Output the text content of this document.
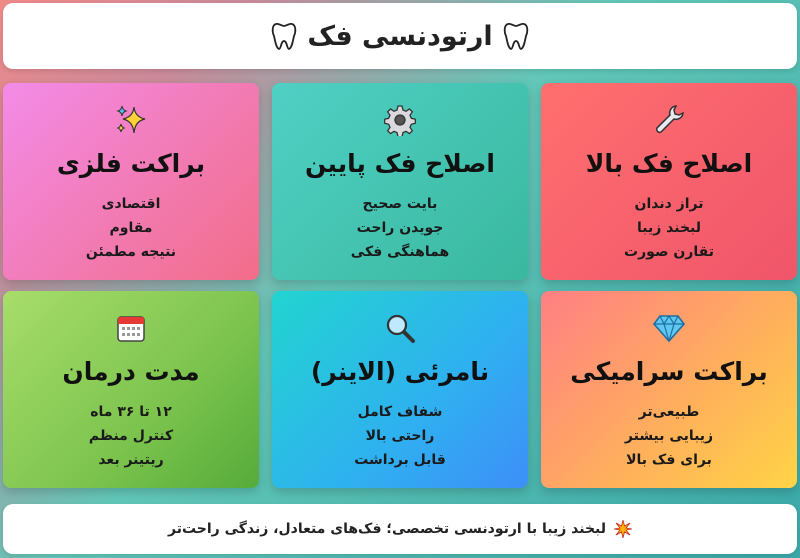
ارتودنسی فک
اصلاح فک بالا
تراز دندان
لبخند زیبا
تقارن صورت
اصلاح فک پایین
بایت صحیح
جویدن راحت
هماهنگی فکی
براکت فلزی
اقتصادی
مقاوم
نتیجه مطمئن
براکت سرامیکی
طبیعی‌تر
زیبایی بیشتر
برای فک بالا
نامرئی (الاینر)
شفاف کامل
راحتی بالا
قابل برداشت
مدت درمان
۱۲ تا ۳۶ ماه
کنترل منظم
ریتینر بعد
لبخند زیبا با ارتودنسی تخصصی؛ فک‌های متعادل، زندگی راحت‌تر
